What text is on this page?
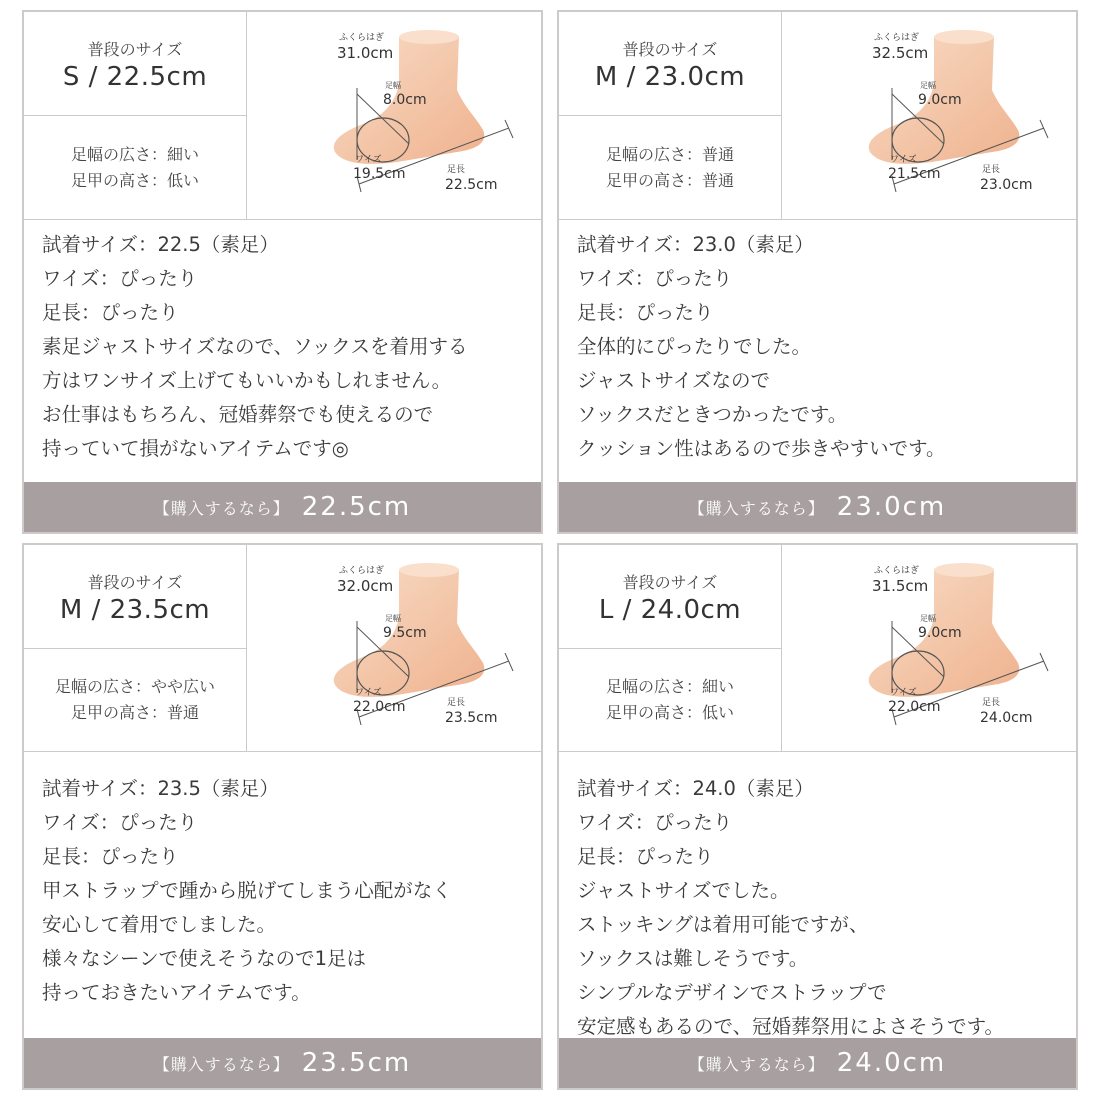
普段のサイズ
S / 22.5cm
足幅の広さ：細い
足甲の高さ：低い
ふくらはぎ
31.0cm
足幅
8.0cm
ワイズ
19.5cm	足長
22.5cm
試着サイズ：22.5（素足）
ワイズ：ぴったり
足長：ぴったり
素足ジャストサイズなので、ソックスを着用する
方はワンサイズ上げてもいいかもしれません。
お仕事はもちろん、冠婚葬祭でも使えるので
持っていて損がないアイテムです◎
【購入するなら】 22.5cm
普段のサイズ
M / 23.0cm
足幅の広さ：普通
足甲の高さ：普通
ふくらはぎ
32.5cm
足幅
9.0cm
ワイズ
21.5cm	足長
23.0cm
試着サイズ：23.0（素足）
ワイズ：ぴったり
足長：ぴったり
全体的にぴったりでした。
ジャストサイズなので
ソックスだときつかったです。
クッション性はあるので歩きやすいです。
【購入するなら】 23.0cm
普段のサイズ
M / 23.5cm
足幅の広さ：やや広い
足甲の高さ：普通
ふくらはぎ
32.0cm
足幅
9.5cm
ワイズ
22.0cm	足長
23.5cm
試着サイズ：23.5（素足）
ワイズ：ぴったり
足長：ぴったり
甲ストラップで踵から脱げてしまう心配がなく
安心して着用でしました。
様々なシーンで使えそうなので1足は
持っておきたいアイテムです。
【購入するなら】 23.5cm
普段のサイズ
L / 24.0cm
足幅の広さ：細い
足甲の高さ：低い
ふくらはぎ
31.5cm
足幅
9.0cm
ワイズ
22.0cm	足長
24.0cm
試着サイズ：24.0（素足）
ワイズ：ぴったり
足長：ぴったり
ジャストサイズでした。
ストッキングは着用可能ですが、
ソックスは難しそうです。
シンプルなデザインでストラップで
安定感もあるので、冠婚葬祭用によさそうです。
【購入するなら】 24.0cm
